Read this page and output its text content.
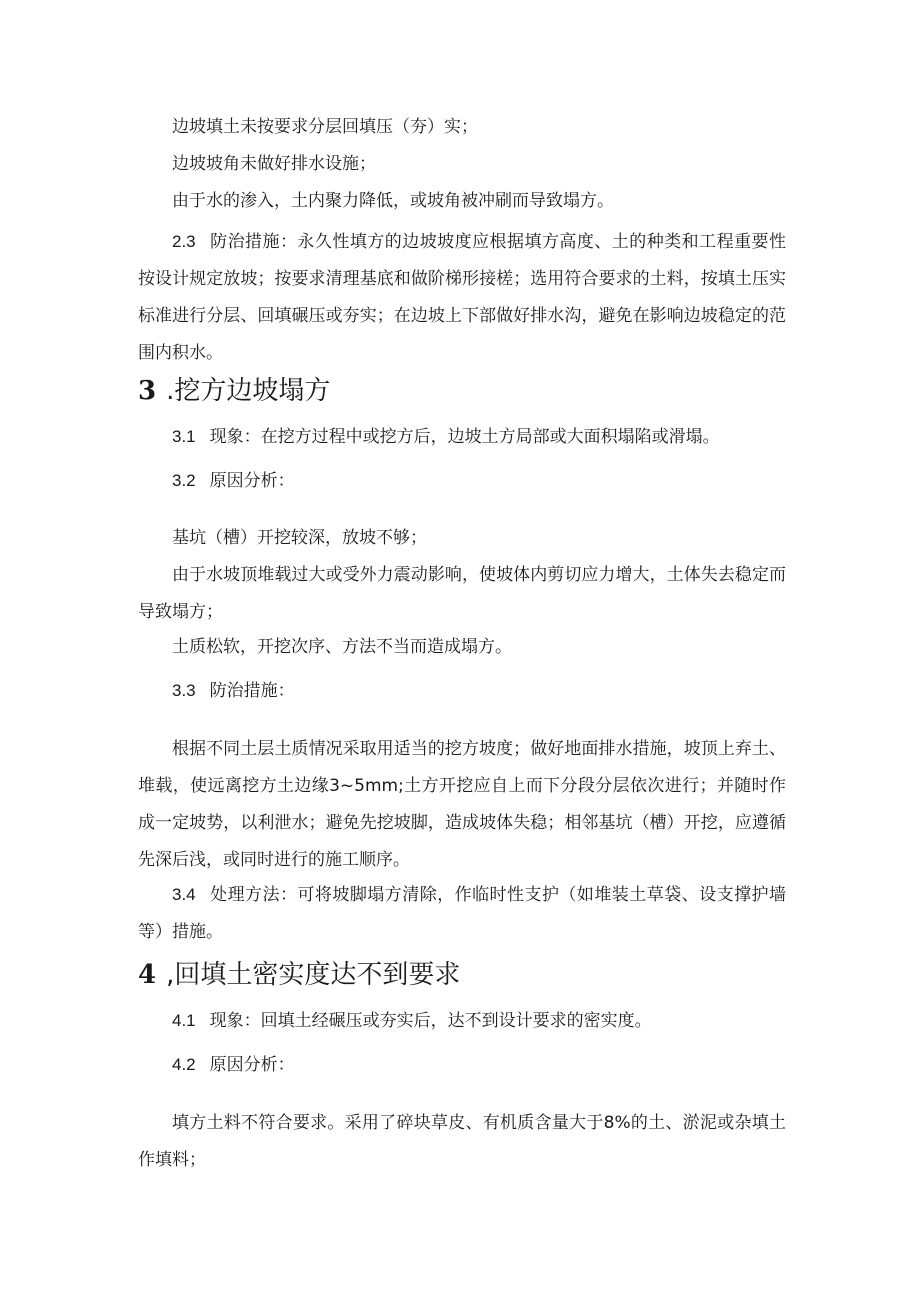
边坡填土未按要求分层回填压（夯）实；
边坡坡角未做好排水设施；
由于水的渗入，土内聚力降低，或坡角被冲刷而导致塌方。
2.3 防治措施：永久性填方的边坡坡度应根据填方高度、土的种类和工程重要性按设计规定放坡；按要求清理基底和做阶梯形接槎；选用符合要求的土料，按填土压实标准进行分层、回填碾压或夯实；在边坡上下部做好排水沟，避免在影响边坡稳定的范围内积水。
3 .挖方边坡塌方
3.1 现象：在挖方过程中或挖方后，边坡土方局部或大面积塌陷或滑塌。
3.2 原因分析：
基坑（槽）开挖较深，放坡不够；
由于水坡顶堆载过大或受外力震动影响，使坡体内剪切应力增大，土体失去稳定而导致塌方；
土质松软，开挖次序、方法不当而造成塌方。
3.3 防治措施：
根据不同土层土质情况采取用适当的挖方坡度；做好地面排水措施，坡顶上弃土、堆载，使远离挖方土边缘3~5mm;土方开挖应自上而下分段分层依次进行；并随时作成一定坡势，以利泄水；避免先挖坡脚，造成坡体失稳；相邻基坑（槽）开挖，应遵循先深后浅，或同时进行的施工顺序。
3.4 处理方法：可将坡脚塌方清除，作临时性支护（如堆装土草袋、设支撑护墙等）措施。
4 ,回填土密实度达不到要求
4.1 现象：回填土经碾压或夯实后，达不到设计要求的密实度。
4.2 原因分析：
填方土料不符合要求。采用了碎块草皮、有机质含量大于8%的土、淤泥或杂填土作填料；
